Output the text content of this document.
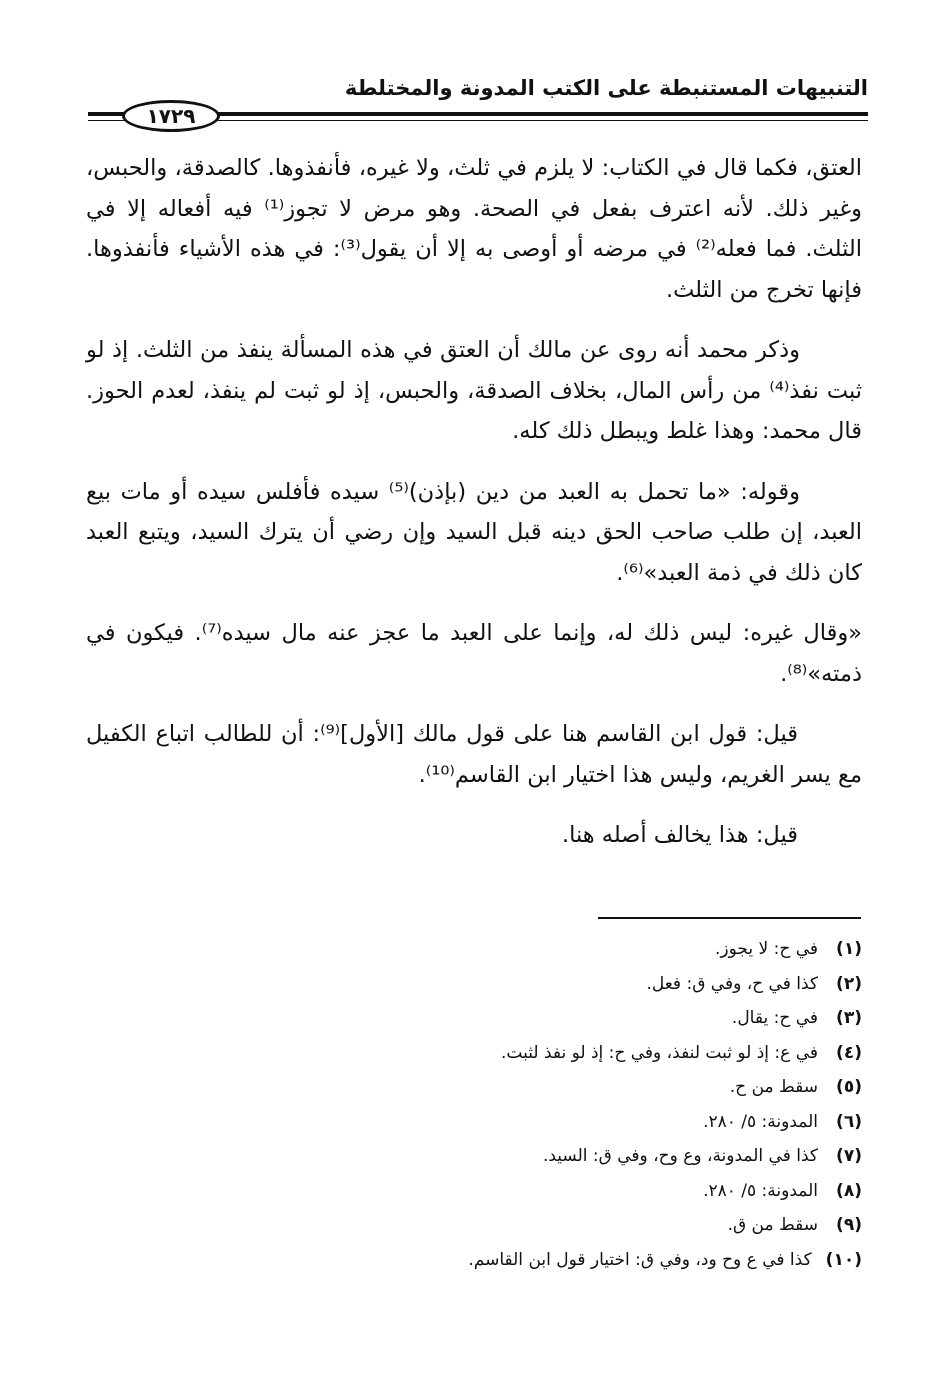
التنبيهات المستنبطة على الكتب المدونة والمختلطة
١٧٢٩

العتق، فكما قال في الكتاب: لا يلزم في ثلث، ولا غيره، فأنفذوها. كالصدقة، والحبس، وغير ذلك. لأنه اعترف بفعل في الصحة. وهو مرض لا تجوز⁽¹⁾ فيه أفعاله إلا في الثلث. فما فعله⁽²⁾ في مرضه أو أوصى به إلا أن يقول⁽³⁾: في هذه الأشياء فأنفذوها. فإنها تخرج من الثلث.

وذكر محمد أنه روى عن مالك أن العتق في هذه المسألة ينفذ من الثلث. إذ لو ثبت نفذ⁽⁴⁾ من رأس المال، بخلاف الصدقة، والحبس، إذ لو ثبت لم ينفذ، لعدم الحوز. قال محمد: وهذا غلط ويبطل ذلك كله.

وقوله: «ما تحمل به العبد من دين (بإذن)⁽⁵⁾ سيده فأفلس سيده أو مات بيع العبد، إن طلب صاحب الحق دينه قبل السيد وإن رضي أن يترك السيد، ويتبع العبد كان ذلك في ذمة العبد»⁽⁶⁾.

«وقال غيره: ليس ذلك له، وإنما على العبد ما عجز عنه مال سيده⁽⁷⁾. فيكون في ذمته»⁽⁸⁾.

قيل: قول ابن القاسم هنا على قول مالك [الأول]⁽⁹⁾: أن للطالب اتباع الكفيل مع يسر الغريم، وليس هذا اختيار ابن القاسم⁽¹⁰⁾.

قيل: هذا يخالف أصله هنا.

(١)في ح: لا يجوز.
(٢)كذا في ح، وفي ق: فعل.
(٣)في ح: يقال.
(٤)في ع: إذ لو ثبت لنفذ، وفي ح: إذ لو نفذ لثبت.
(٥)سقط من ح.
(٦)المدونة: ٥/ ٢٨٠.
(٧)كذا في المدونة، وع وح، وفي ق: السيد.
(٨)المدونة: ٥/ ٢٨٠.
(٩)سقط من ق.
(١٠)كذا في ع وح ود، وفي ق: اختيار قول ابن القاسم.
